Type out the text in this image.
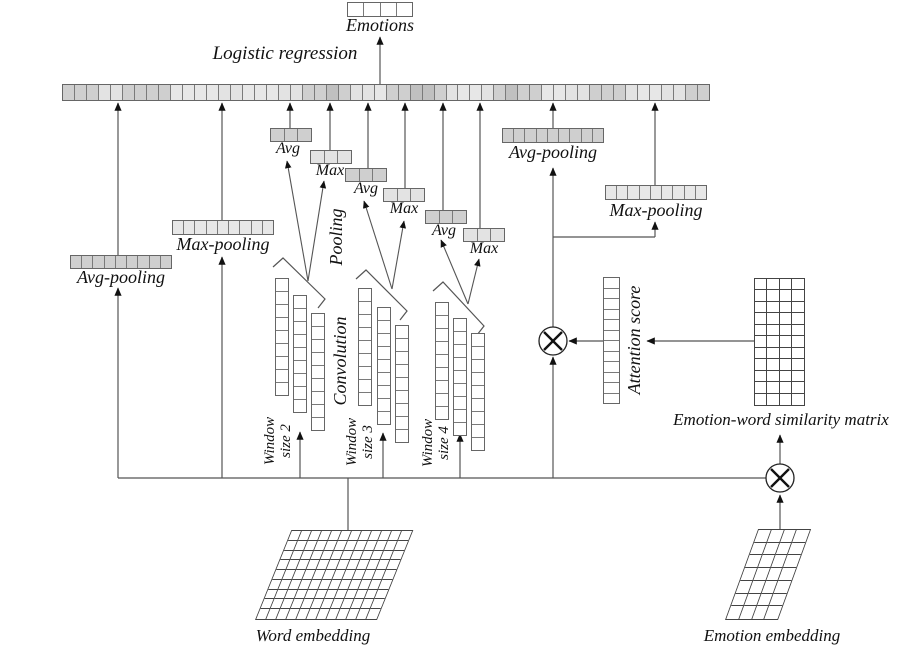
Emotions
Logistic regression
Avg
Max
Avg
Max
Avg
Max
Avg-pooling
Max-pooling
Avg-pooling
Max-pooling
Pooling
Convolution	Attention score
Window size 2	Window size 3	Window size 4
Emotion-word similarity matrix
Word embedding	Emotion embedding
